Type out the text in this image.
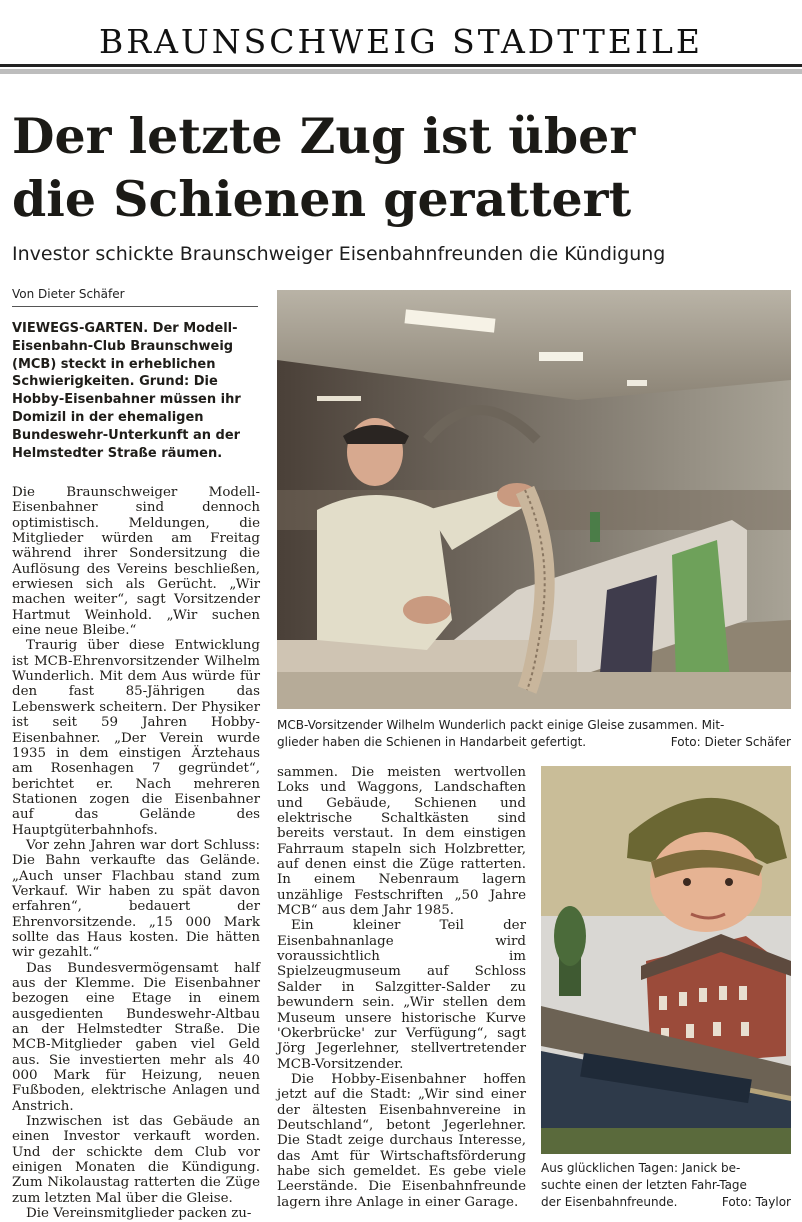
BRAUNSCHWEIG STADTTEILE
Der letzte Zug ist über
die Schienen gerattert

Investor schickte Braunschweiger Eisenbahnfreunden die Kündigung

Von Dieter Schäfer

VIEWEGS-GARTEN. Der Modell-Eisenbahn-Club Braunschweig (MCB) steckt in erheblichen Schwierigkeiten. Grund: Die Hobby-Eisenbahner müssen ihr Domizil in der ehemaligen Bundeswehr-Unterkunft an der Helmstedter Straße räumen.

Die Braunschweiger Modell-Eisenbahner sind dennoch optimistisch. Meldungen, die Mitglieder würden am Freitag während ihrer Sondersitzung die Auflösung des Vereins beschließen, erwiesen sich als Gerücht. „Wir machen weiter“, sagt Vorsitzender Hartmut Weinhold. „Wir suchen eine neue Bleibe.“

Traurig über diese Entwicklung ist MCB-Ehrenvorsitzender Wilhelm Wunderlich. Mit dem Aus würde für den fast 85-Jährigen das Lebenswerk scheitern. Der Physiker ist seit 59 Jahren Hobby-Eisenbahner. „Der Verein wurde 1935 in dem einstigen Ärztehaus am Rosenhagen 7 gegründet“, berichtet er. Nach mehreren Stationen zogen die Eisenbahner auf das Gelände des Hauptgüterbahnhofs.

Vor zehn Jahren war dort Schluss: Die Bahn verkaufte das Gelände. „Auch unser Flachbau stand zum Verkauf. Wir haben zu spät davon erfahren“, bedauert der Ehrenvorsitzende. „15 000 Mark sollte das Haus kosten. Die hätten wir gezahlt.“

Das Bundesvermögensamt half aus der Klemme. Die Eisenbahner bezogen eine Etage in einem ausgedienten Bundeswehr-Altbau an der Helmstedter Straße. Die MCB-Mitglieder gaben viel Geld aus. Sie investierten mehr als 40 000 Mark für Heizung, neuen Fußboden, elektrische Anlagen und Anstrich.

Inzwischen ist das Gebäude an einen Investor verkauft worden. Und der schickte dem Club vor einigen Monaten die Kündigung. Zum Nikolaustag ratterten die Züge zum letzten Mal über die Gleise.

Die Vereinsmitglieder packen zu-

MCB-Vorsitzender Wilhelm Wunderlich packt einige Gleise zusammen. Mit-
glieder haben die Schienen in Handarbeit gefertigt.	Foto: Dieter Schäfer

sammen. Die meisten wertvollen Loks und Waggons, Landschaften und Gebäude, Schienen und elektrische Schaltkästen sind bereits verstaut. In dem einstigen Fahrraum stapeln sich Holzbretter, auf denen einst die Züge ratterten. In einem Nebenraum lagern unzählige Festschriften „50 Jahre MCB“ aus dem Jahr 1985.

Ein kleiner Teil der Eisenbahnanlage wird voraussichtlich im Spielzeugmuseum auf Schloss Salder in Salzgitter-Salder zu bewundern sein. „Wir stellen dem Museum unsere historische Kurve 'Okerbrücke' zur Verfügung“, sagt Jörg Jegerlehner, stellvertretender MCB-Vorsitzender.

Die Hobby-Eisenbahner hoffen jetzt auf die Stadt: „Wir sind einer der ältesten Eisenbahnvereine in Deutschland“, betont Jegerlehner. Die Stadt zeige durchaus Interesse, das Amt für Wirtschaftsförderung habe sich gemeldet. Es gebe viele Leerstände. Die Eisenbahnfreunde lagern ihre Anlage in einer Garage.

Aus glücklichen Tagen: Janick be-
suchte einen der letzten Fahr-Tage
der Eisenbahnfreunde.	Foto: Taylor
